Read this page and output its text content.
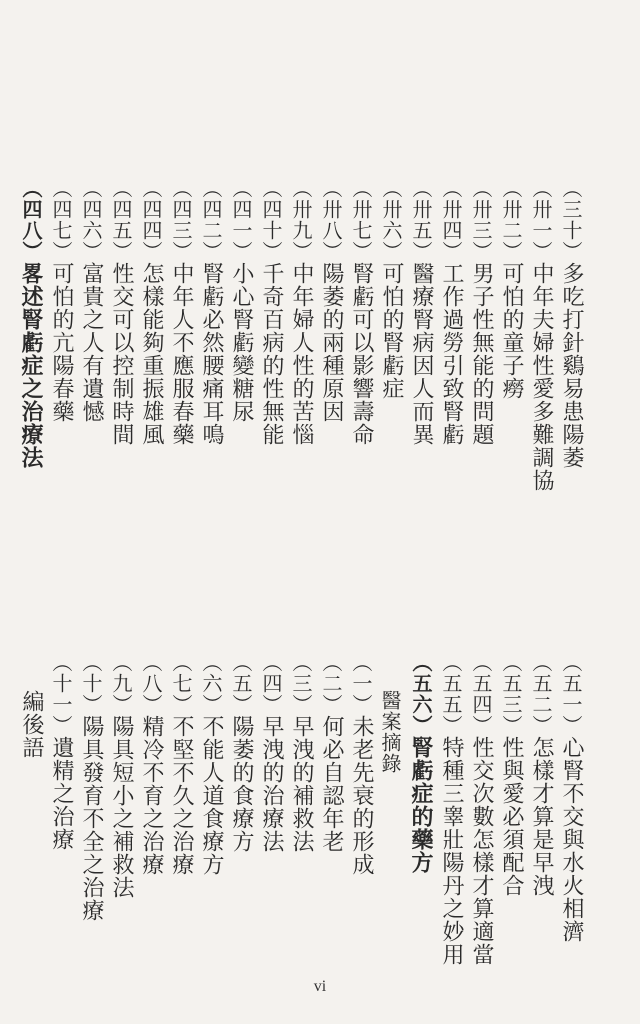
（三十）多吃打針鷄易患陽萎
（卅一）中年夫婦性愛多難調協
（卅二）可怕的童子癆
（卅三）男子性無能的問題
（卅四）工作過勞引致腎虧
（卅五）醫療腎病因人而異
（卅六）可怕的腎虧症
（卅七）腎虧可以影響壽命
（卅八）陽萎的兩種原因
（卅九）中年婦人性的苦惱
（四十）千奇百病的性無能
（四一）小心腎虧變糖尿
（四二）腎虧必然腰痛耳鳴
（四三）中年人不應服春藥
（四四）怎樣能夠重振雄風
（四五）性交可以控制時間
（四六）富貴之人有遺憾
（四七）可怕的亢陽春藥
（四八）畧述腎虧症之治療法
（五一）心腎不交與水火相濟
（五二）怎樣才算是早洩
（五三）性與愛必須配合
（五四）性交次數怎樣才算適當
（五五）特種三睾壯陽丹之妙用
（五六）腎虧症的藥方
醫案摘錄
（一）未老先衰的形成
（二）何必自認年老
（三）早洩的補救法
（四）早洩的治療法
（五）陽萎的食療方
（六）不能人道食療方
（七）不堅不久之治療
（八）精冷不育之治療
（九）陽具短小之補救法
（十）陽具發育不全之治療
（十一）遺精之治療
編後語
vi
